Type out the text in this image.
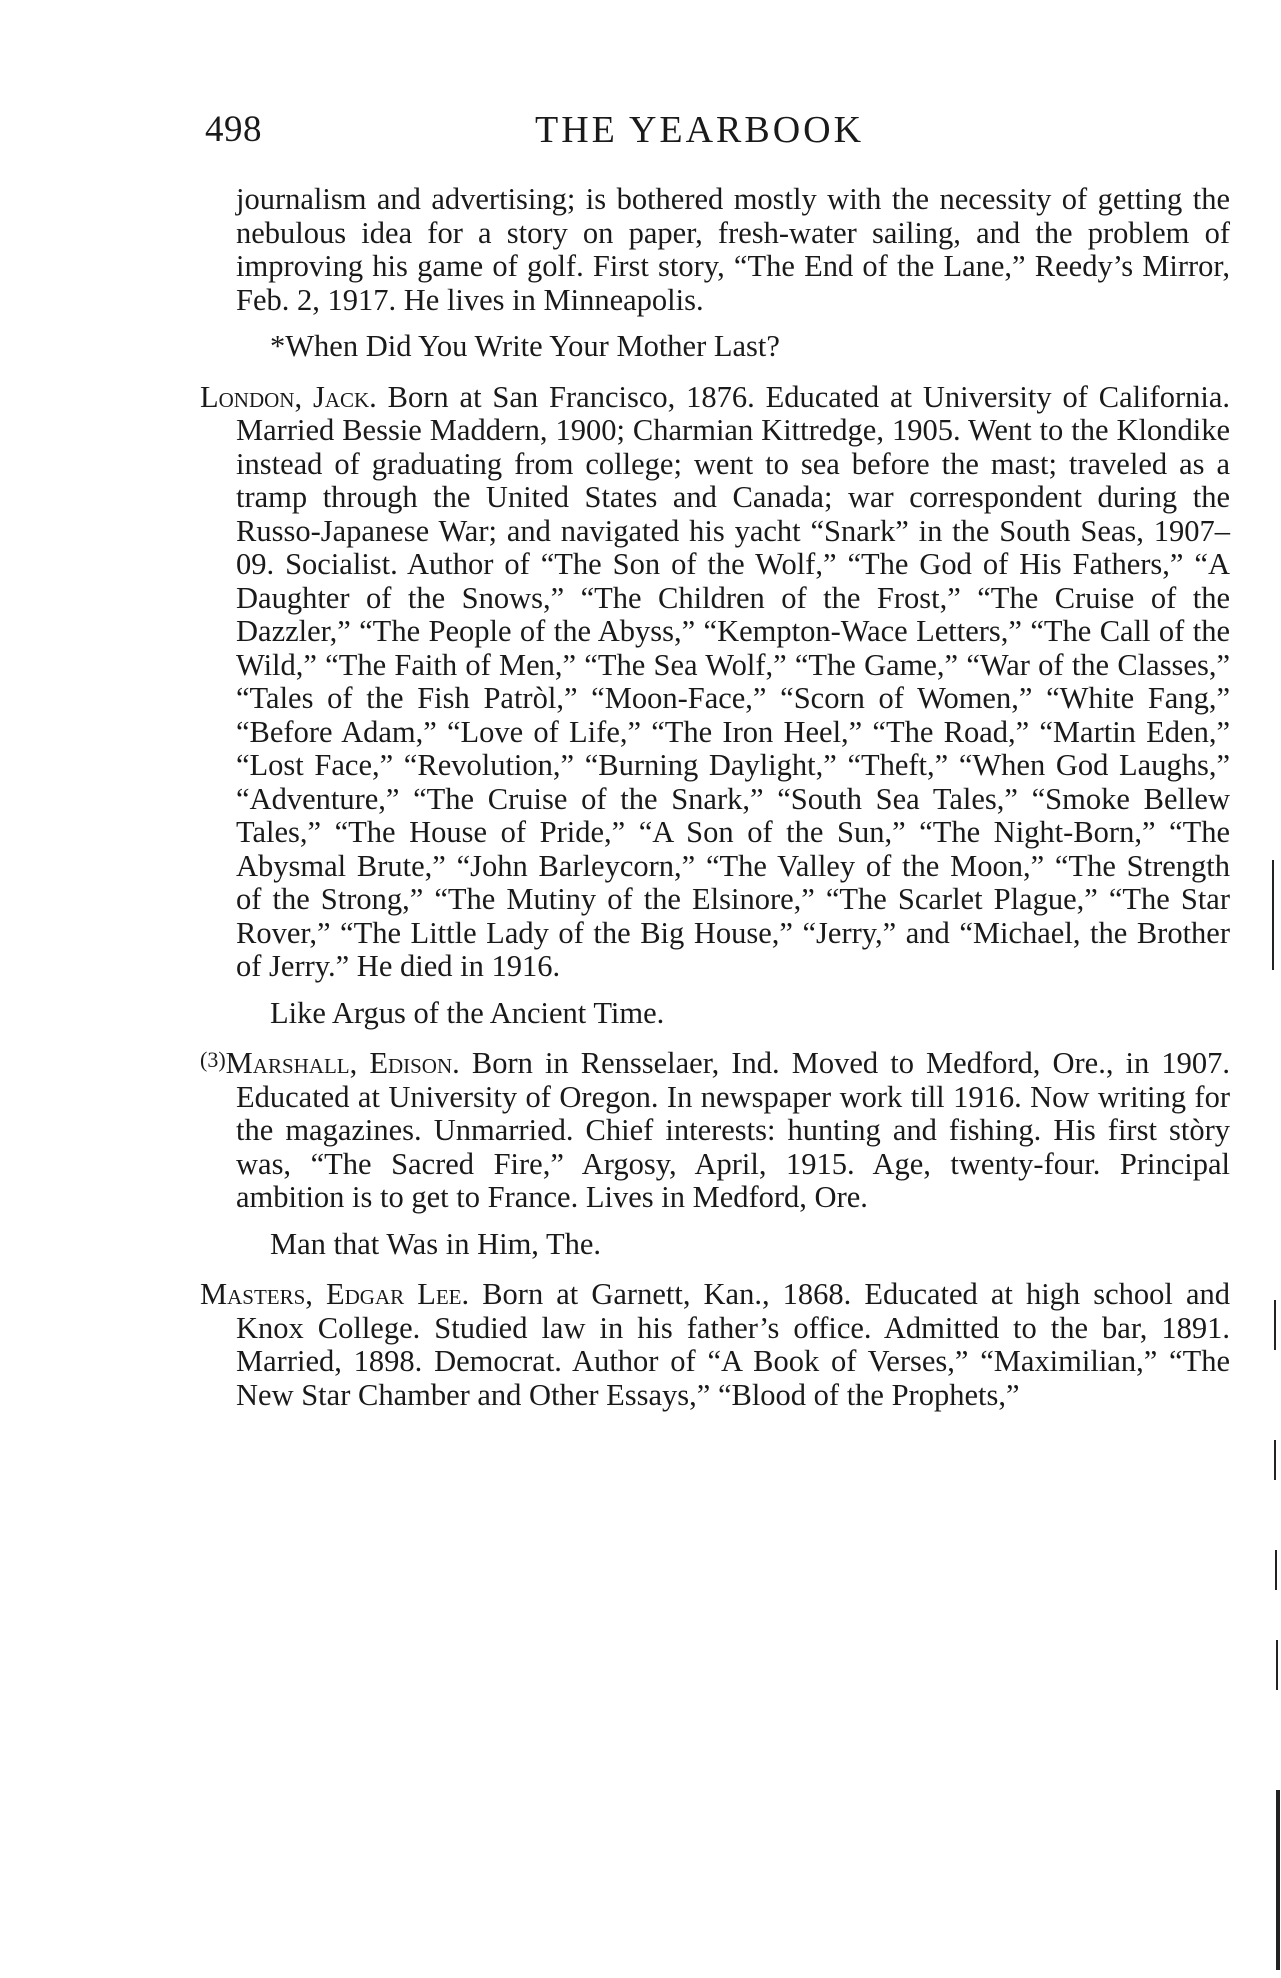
498	THE YEARBOOK

journalism and advertising; is bothered mostly with the necessity of getting the nebulous idea for a story on paper, fresh-water sailing, and the problem of improving his game of golf. First story, “The End of the Lane,” Reedy’s Mirror, Feb. 2, 1917. He lives in Minneapolis.

*When Did You Write Your Mother Last?

London, Jack. Born at San Francisco, 1876. Educated at University of California. Married Bessie Maddern, 1900; Charmian Kittredge, 1905. Went to the Klondike instead of graduating from college; went to sea before the mast; traveled as a tramp through the United States and Canada; war correspondent during the Russo-Japanese War; and navigated his yacht “Snark” in the South Seas, 1907–09. Socialist. Author of “The Son of the Wolf,” “The God of His Fathers,” “A Daughter of the Snows,” “The Children of the Frost,” “The Cruise of the Dazzler,” “The People of the Abyss,” “Kempton-Wace Letters,” “The Call of the Wild,” “The Faith of Men,” “The Sea Wolf,” “The Game,” “War of the Classes,” “Tales of the Fish Patròl,” “Moon-Face,” “Scorn of Women,” “White Fang,” “Before Adam,” “Love of Life,” “The Iron Heel,” “The Road,” “Martin Eden,” “Lost Face,” “Revolution,” “Burning Daylight,” “Theft,” “When God Laughs,” “Adventure,” “The Cruise of the Snark,” “South Sea Tales,” “Smoke Bellew Tales,” “The House of Pride,” “A Son of the Sun,” “The Night-Born,” “The Abysmal Brute,” “John Barleycorn,” “The Valley of the Moon,” “The Strength of the Strong,” “The Mutiny of the Elsinore,” “The Scarlet Plague,” “The Star Rover,” “The Little Lady of the Big House,” “Jerry,” and “Michael, the Brother of Jerry.” He died in 1916.

Like Argus of the Ancient Time.

(3)Marshall, Edison. Born in Rensselaer, Ind. Moved to Medford, Ore., in 1907. Educated at University of Oregon. In newspaper work till 1916. Now writing for the magazines. Unmarried. Chief interests: hunting and fishing. His first stòry was, “The Sacred Fire,” Argosy, April, 1915. Age, twenty-four. Principal ambition is to get to France. Lives in Medford, Ore.

Man that Was in Him, The.

Masters, Edgar Lee. Born at Garnett, Kan., 1868. Educated at high school and Knox College. Studied law in his father’s office. Admitted to the bar, 1891. Married, 1898. Democrat. Author of “A Book of Verses,” “Maximilian,” “The New Star Chamber and Other Essays,” “Blood of the Prophets,”
